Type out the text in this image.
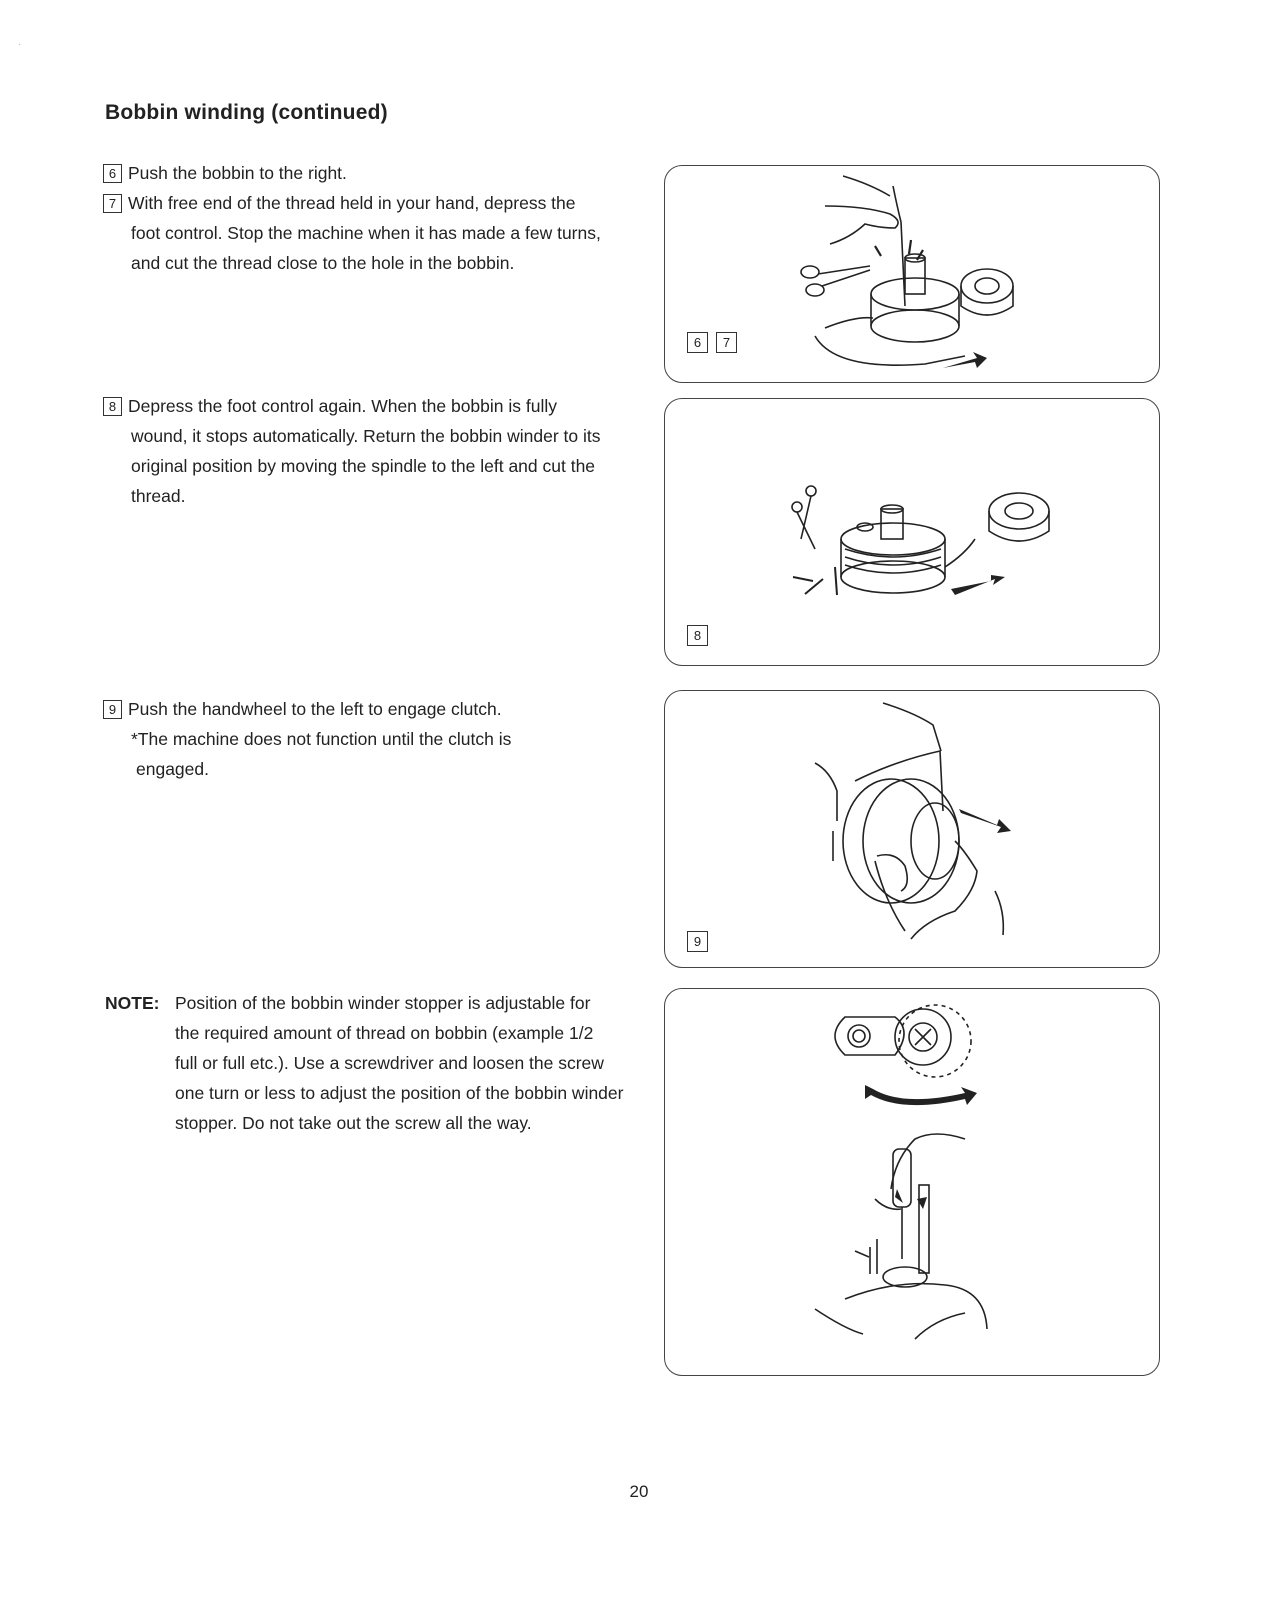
·
Bobbin winding (continued)
6 Push the bobbin to the right.
7 With free end of the thread held in your hand, depress the
foot control. Stop the machine when it has made a few turns,
and cut the thread close to the hole in the bobbin.
8 Depress the foot control again. When the bobbin is fully
wound, it stops automatically. Return the bobbin winder to its
original position by moving the spindle to the left and cut the
thread.
9 Push the handwheel to the left to engage clutch.
*The machine does not function until the clutch is
engaged.
NOTE: Position of the bobbin winder stopper is adjustable for
the required amount of thread on bobbin (example 1/2
full or full etc.). Use a screwdriver and loosen the screw
one turn or less to adjust the position of the bobbin winder
stopper. Do not take out the screw all the way.
6	7
8
9
20
